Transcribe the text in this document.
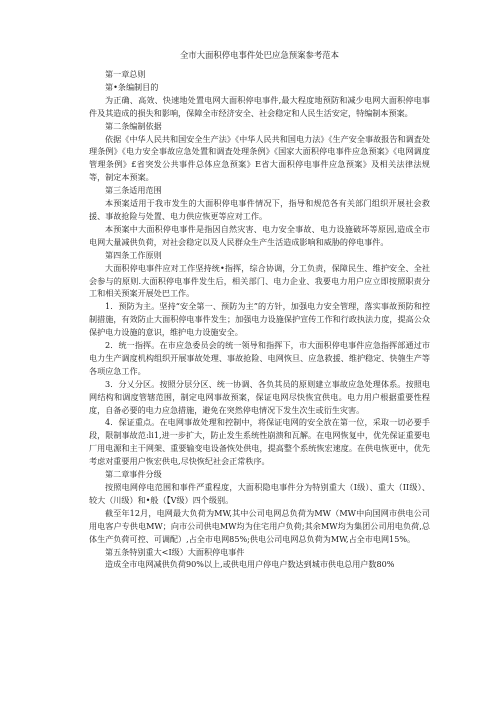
全市大面积停电事件处巴应急预案参考范本
第一章总则
第•条编制目的
为正确、高效、快速地处置电网大面积停电事件,最大程度地预防和减少电网大面积停电事件及其造成的损失和影响，保障全市经济安全、社会稳定和人民生活安定，特编制本预案。
第二条编制依据
依据《中华人民共和国安全生产法》《中华人民共和国电力法》《生产安全事故报告和调査处理条例》《电力安全事故应急处置和调査处理条例》《国家大面积停电事件应急预案》《电网调度管理条例》£省突发公共事件总体应急预案》E省大面积停电事件应急预案》及相关法律法规等，制定本预案。
第三条适用范围
本预案适用于我市发生的大面积停电事件情况下，指导和规范各有关部门组织开展社会救援、事故抢险与处置、电力供应恢更等应对工作。
本预案中大面积停电事件是指因自然灾害、电力安全事故、电力设施破坏等原因,造成全市电网大量减供负荷，对社会稳定以及人民群众生产生活造成影响和威胁的停电事件。
第四条工作原则
大面积停电事件应对工作坚持统•指挥，综合协调，分工负责，保障民生、维护安全、全社会参与的原则.大面积停电事件发生后，相关部门、电力企业、我要电力用户应立即按照职责分工和相关预案开展处巴工作。
1．预防为主。坚持“安全第一、预防为主”的方针，加强电力安全管理，落实事故预防和控制措施，有效防止大面积停电事件发生；加强电力设施保护宣传工作和行政执法力度，提高公众保护电力设施的意识，维护电力设施安全。
2．统一指挥。在市应急委员会的统一领导和指挥下，市大面积停电事件应急指挥部通过市电力生产调度机构组织开展事故处理、事故抢险、电网恢旦、应急救援、维护稳定、快匏生产等各项应急工作。
3．分乂分区。按照分层分区、统一协调、各负其员的原则建立事故应急处理体系。按照电网结构和调度管辖范围，制定电网事故预案，保证电网尽快恢宜供电。电力用户根据重要性程度，自备必要的电力应急措施，避免在突然停电情况下发生次生或衍生灾害。
4．保证重点。在电网事故处理和控制中，将保证电网的安全放在第一位，采取一切必要手段，限制事故范:li1,进一步扩大，防止发生系统性崩溃和瓦解。在电网恢复中，优先保证重要电厂用电源和主干网架、重要输变电设备恢处供电，提高整个系统恢宏速度。在供电恢更中，优先考虑对重要用户恢宏供电,尽快恢纪社会正常秩序。
第二章事件分级
按照电网停电范围和事件严重程度，大面积隐电事件分为特别重大（I级）、重大（II级）、较大（川级）和•般（【V级）四个级别。
截至年12月，电网最大负荷为MW,其中公司电网总负荷为MW（MW中向国网市供电公司用电客户专供电MW；向市公司供电MW均为住宅用户负荷;其余MW均为集团公司用电负荷,总体生产负荷可控、可调配）,占全市电网85%;供电公司电网总负荷为MW,占全市电网15%。
第五条特别重大<I级）大面积停电事件
造成全市电网减供负荷90%以上,或供电用户停电户数达到城市供电总用户数80%
